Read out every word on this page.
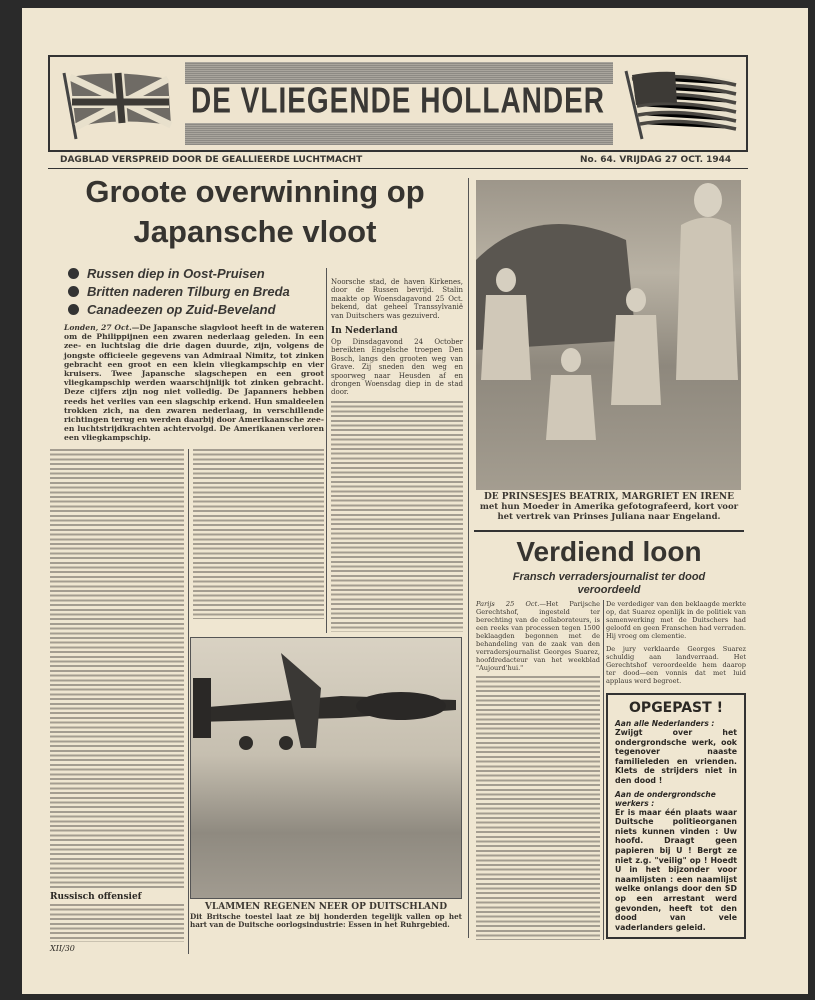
DE VLIEGENDE HOLLANDER
DAGBLAD VERSPREID DOOR DE GEALLIEERDE LUCHTMACHT	No. 64. VRIJDAG 27 OCT. 1944
Groote overwinning op
Japansche vloot
Russen diep in Oost-Pruisen
Britten naderen Tilburg en Breda
Canadeezen op Zuid-Beveland
Londen, 27 Oct.—De Japansche slagvloot heeft in de wateren om de Philippijnen een zwaren nederlaag geleden. In een zee- en luchtslag die drie dagen duurde, zijn, volgens de jongste officieele gegevens van Admiraal Nimitz, tot zinken gebracht een groot en een klein vliegkampschip en vier kruisers. Twee Japansche slagschepen en een groot vliegkampschip werden waarschijnlijk tot zinken gebracht. Deze cijfers zijn nog niet volledig. De Japanners hebben reeds het verlies van een slagschip erkend. Hun smaldeelen trokken zich, na den zwaren nederlaag, in verschillende richtingen terug en werden daarbij door Amerikaansche zee- en luchtstrijdkrachten achtervolgd. De Amerikanen verloren een vliegkampschip.
Russisch offensief
XII/30
Noorsche stad, de haven Kirkenes, door de Russen bevrijd. Stalin maakte op Woensdagavond 25 Oct. bekend, dat geheel Transsylvanië van Duitschers was gezuiverd.
In Nederland
Op Dinsdagavond 24 October bereikten Engelsche troepen Den Bosch, langs den grooten weg van Grave. Zij sneden den weg en spoorweg naar Heusden af en drongen Woensdag diep in de stad door.
VLAMMEN REGENEN NEER OP DUITSCHLAND
Dit Britsche toestel laat ze bij honderden tegelijk vallen op het hart van de Duitsche oorlogsindustrie: Essen in het Ruhrgebied.
DE PRINSESJES BEATRIX, MARGRIET EN IRENE
met hun Moeder in Amerika gefotografeerd, kort voor het vertrek van Prinses Juliana naar Engeland.
Verdiend loon
Fransch verradersjournalist ter dood veroordeeld
Parijs 25 Oct.—Het Parijsche Gerechtshof, ingesteld ter berechting van de collaborateurs, is een reeks van processen tegen 1500 beklaagden begonnen met de behandeling van de zaak van den verradersjournalist Georges Suarez, hoofdredacteur van het weekblad "Aujourd'hui."
De verdediger van den beklaagde merkte op, dat Suarez openlijk in de politiek van samenwerking met de Duitschers had geloofd en geen Franschen had verraden. Hij vroeg om clementie.
De jury verklaarde Georges Suarez schuldig aan landverraad. Het Gerechtshof veroordeelde hem daarop ter dood—een vonnis dat met luid applaus werd begroet.
OPGEPAST !
Aan alle Nederlanders :
Zwijgt over het ondergrondsche werk, ook tegenover naaste familieleden en vrienden. Klets de strijders niet in den dood !
Aan de ondergrondsche werkers :
Er is maar één plaats waar Duitsche politieorganen niets kunnen vinden : Uw hoofd. Draagt geen papieren bij U ! Bergt ze niet z.g. "veilig" op ! Hoedt U in het bijzonder voor naamlijsten : een naamlijst welke onlangs door den SD op een arrestant werd gevonden, heeft tot den dood van vele vaderlanders geleid.
